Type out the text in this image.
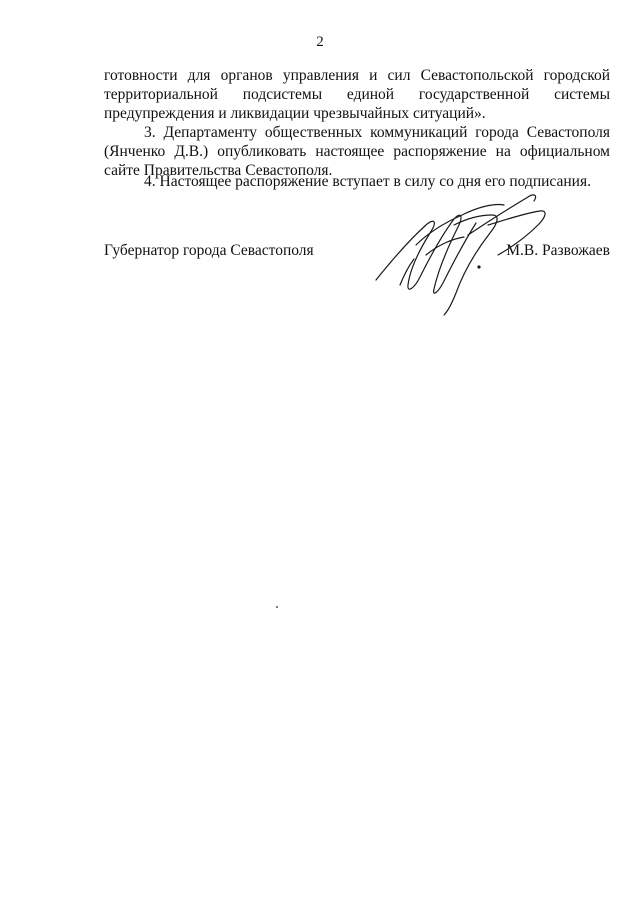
2
готовности для органов управления и сил Севастопольской городской
территориальной подсистемы единой государственной системы
предупреждения и ликвидации чрезвычайных ситуаций».
3. Департаменту общественных коммуникаций города Севастополя
(Янченко Д.В.) опубликовать настоящее распоряжение на официальном
сайте Правительства Севастополя.
4. Настоящее распоряжение вступает в силу со дня его подписания.
Губернатор города Севастополя	М.В. Развожаев
